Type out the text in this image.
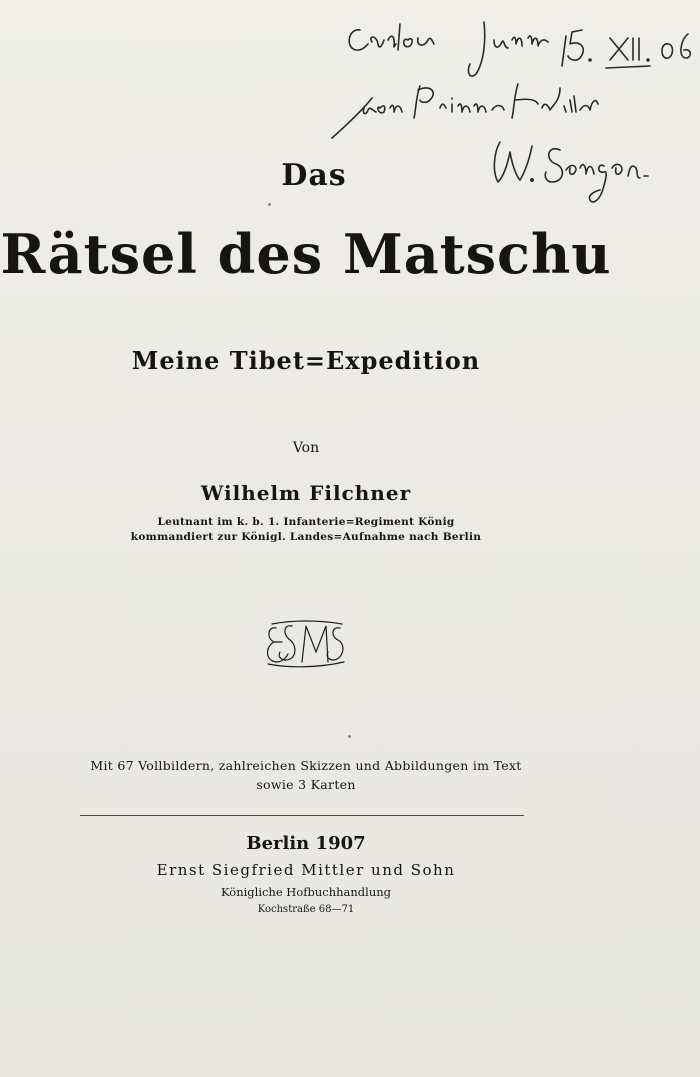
Das
Rätsel des Matschu
Meine Tibet=Expedition
Von
Wilhelm Filchner
Leutnant im k. b. 1. Infanterie=Regiment König
kommandiert zur Königl. Landes=Aufnahme nach Berlin
Mit 67 Vollbildern, zahlreichen Skizzen und Abbildungen im Text
sowie 3 Karten
Berlin 1907
Ernst Siegfried Mittler und Sohn
Königliche Hofbuchhandlung
Kochstraße 68—71
